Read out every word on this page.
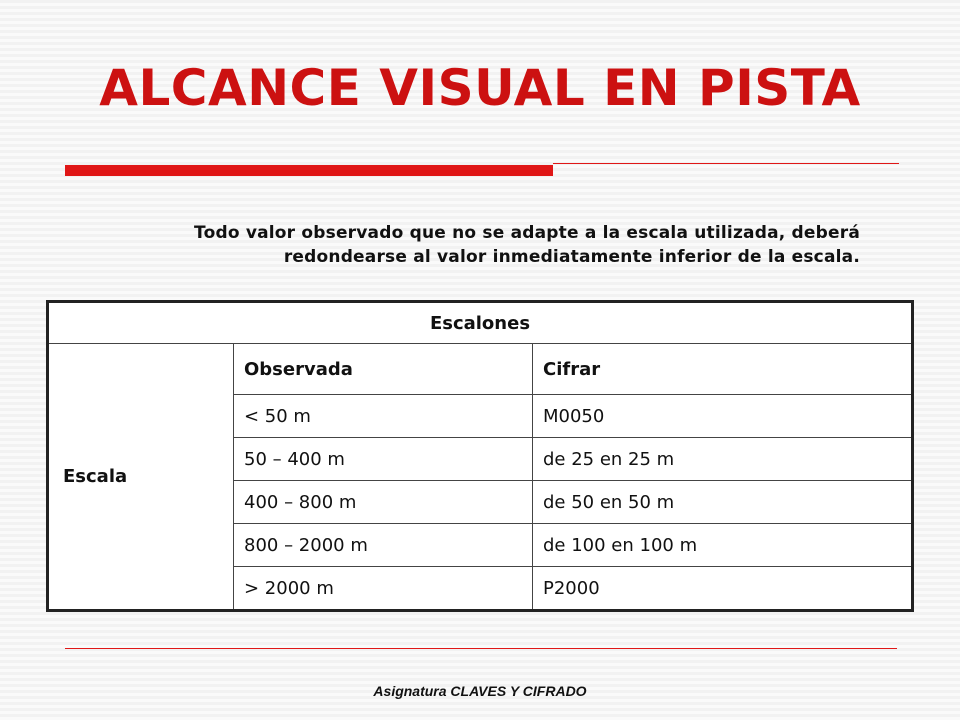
ALCANCE VISUAL EN PISTA

Todo valor observado que no se adapte a la escala utilizada, deberá
redondearse al valor inmediatamente inferior de la escala.

Escalones		
Escala	Observada	Cifrar
	< 50 m	M0050
	50 – 400 m	de 25 en 25 m
	400 – 800 m	de 50 en 50 m
	800 – 2000 m	de 100 en 100 m
	> 2000 m	P2000

Asignatura CLAVES Y CIFRADO
